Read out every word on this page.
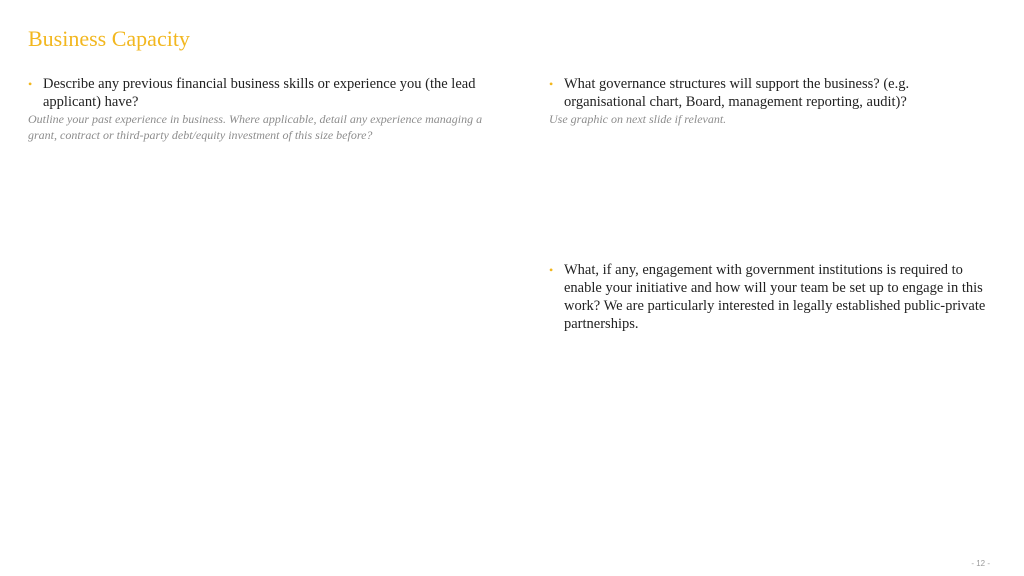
Business Capacity
• Describe any previous financial business skills or experience you (the lead applicant) have?
Outline your past experience in business. Where applicable, detail any experience managing a grant, contract or third-party debt/equity investment of this size before?
• What governance structures will support the business? (e.g. organisational chart, Board, management reporting, audit)?
Use graphic on next slide if relevant.
• What, if any, engagement with government institutions is required to enable your initiative and how will your team be set up to engage in this work? We are particularly interested in legally established public-private partnerships.
- 12 -
